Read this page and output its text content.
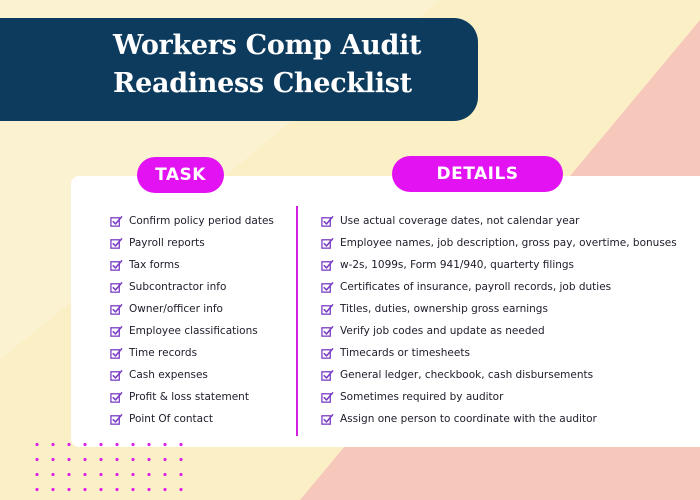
Workers Comp Audit
Readiness Checklist
TASK	DETAILS
Confirm policy period dates
Payroll reports
Tax forms
Subcontractor info
Owner/officer info
Employee classifications
Time records
Cash expenses
Profit & loss statement
Point Of contact
Use actual coverage dates, not calendar year
Employee names, job description, gross pay, overtime, bonuses
w-2s, 1099s, Form 941/940, quarterty filings
Certificates of insurance, payroll records, job duties
Titles, duties, ownership gross earnings
Verify job codes and update as needed
Timecards or timesheets
General ledger, checkbook, cash disbursements
Sometimes required by auditor
Assign one person to coordinate with the auditor
